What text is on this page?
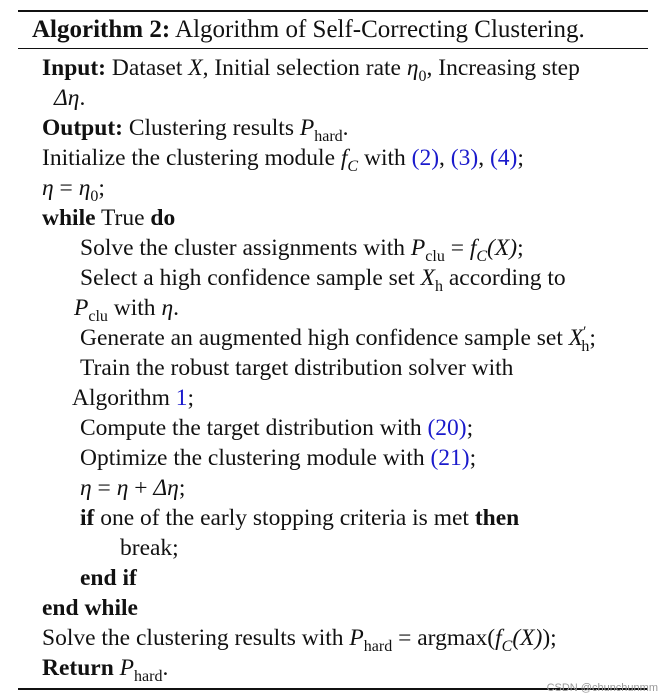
Algorithm 2: Algorithm of Self-Correcting Clustering.
Input: Dataset X, Initial selection rate $\eta_0$, Increasing step
Δη.
Output: Clustering results $P_{hard}$.
Initialize the clustering module $f_C$ with (2), (3), (4);
$\eta = \eta_0$;
while True do
Solve the cluster assignments with $P_{clu} = f_C(X)$;
Select a high confidence sample set $X_h$ according to
$P_{clu}$ with η.
Generate an augmented high confidence sample set $X'_h$;
Train the robust target distribution solver with
Algorithm 1;
Compute the target distribution with (20);
Optimize the clustering module with (21);
η = η + Δη;
if one of the early stopping criteria is met then
break;
end if
end while
Solve the clustering results with $P_{hard} = argmax(f_C(X))$;
Return $P_{hard}$.
CSDN @chunchunmm
